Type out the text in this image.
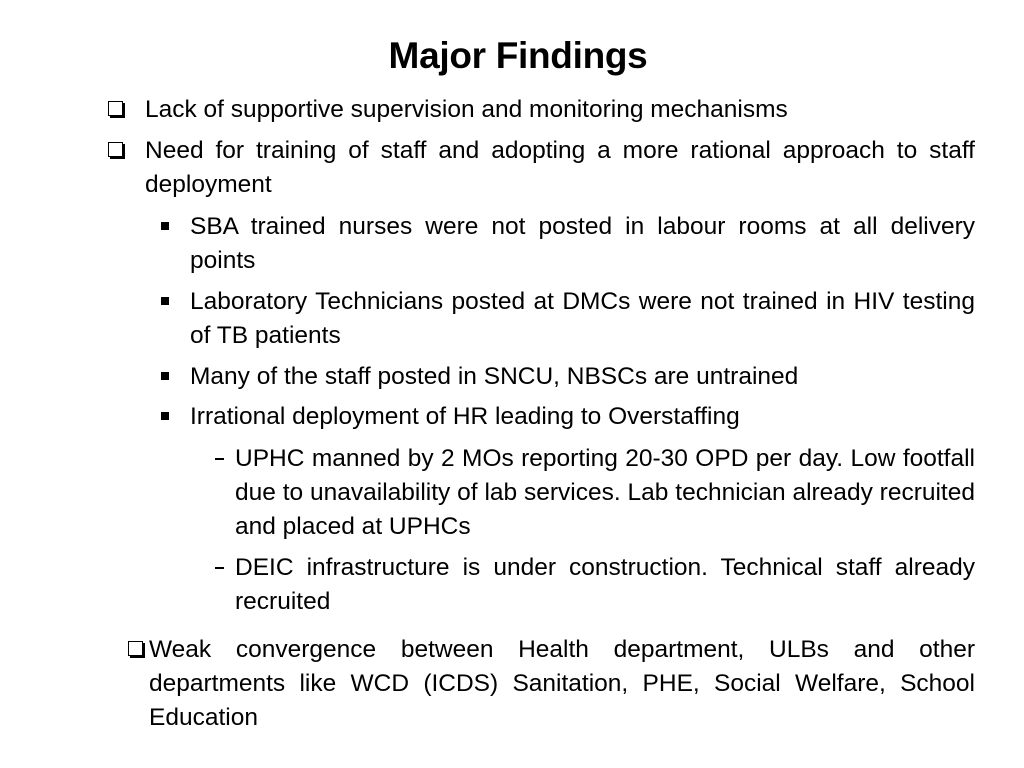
Major Findings
Lack of supportive supervision and monitoring mechanisms
Need for training of staff and adopting a more rational approach to staff deployment
SBA trained nurses were not posted in labour rooms at all delivery points
Laboratory Technicians posted at DMCs were not trained in HIV testing of TB patients
Many of the staff posted in SNCU, NBSCs are untrained
Irrational deployment of HR leading to Overstaffing
UPHC manned by 2 MOs reporting 20-30 OPD per day. Low footfall due to unavailability of lab services. Lab technician already recruited and placed at UPHCs
DEIC infrastructure is under construction. Technical staff already recruited
Weak convergence between Health department, ULBs and other departments like WCD (ICDS) Sanitation, PHE, Social Welfare, School Education
